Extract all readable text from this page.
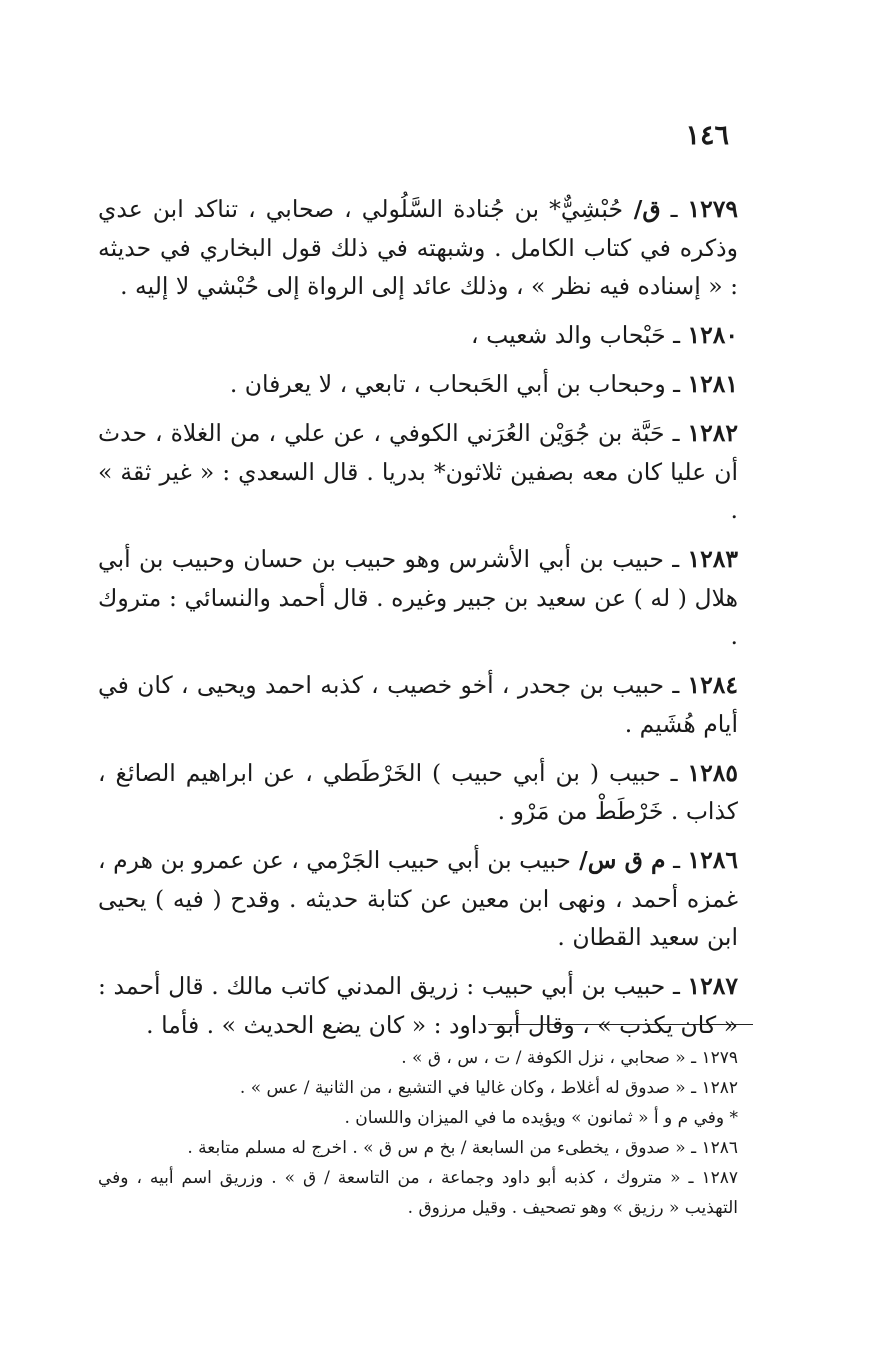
١٤٦

١٢٧٩ ـ ق/ حُبْشِيٌّ* بن جُنادة السَّلُولي ، صحابي ، تناكد ابن عدي وذكره في كتاب الكامل . وشبهته في ذلك قول البخاري في حديثه : « إسناده فيه نظر » ، وذلك عائد إلى الرواة إلى حُبْشي لا إليه .

١٢٨٠ ـ حَبْحاب والد شعيب ،

١٢٨١ ـ وحبحاب بن أبي الحَبحاب ، تابعي ، لا يعرفان .

١٢٨٢ ـ حَبَّة بن جُوَيْن العُرَني الكوفي ، عن علي ، من الغلاة ، حدث أن عليا كان معه بصفين ثلاثون* بدريا . قال السعدي : « غير ثقة » .

١٢٨٣ ـ حبيب بن أبي الأشرس وهو حبيب بن حسان وحبيب بن أبي هلال ( له ) عن سعيد بن جبير وغيره . قال أحمد والنسائي : متروك .

١٢٨٤ ـ حبيب بن جحدر ، أخو خصيب ، كذبه احمد ويحيى ، كان في أيام هُشَيم .

١٢٨٥ ـ حبيب ( بن أبي حبيب ) الخَرْطَطي ، عن ابراهيم الصائغ ، كذاب . خَرْطَطْ من مَرْو .

١٢٨٦ ـ م ق س/ حبيب بن أبي حبيب الجَرْمي ، عن عمرو بن هرم ، غمزه أحمد ، ونهى ابن معين عن كتابة حديثه . وقدح ( فيه ) يحيى ابن سعيد القطان .

١٢٨٧ ـ حبيب بن أبي حبيب : زريق المدني كاتب مالك . قال أحمد : « كان يكذب » ، وقال أبو داود : « كان يضع الحديث » . فأما .

١٢٧٩ ـ « صحابي ، نزل الكوفة / ت ، س ، ق » .

١٢٨٢ ـ « صدوق له أغلاط ، وكان غاليا في التشيع ، من الثانية / عس » .

* وفي م و أ « ثمانون » ويؤيده ما في الميزان واللسان .

١٢٨٦ ـ « صدوق ، يخطىء من السابعة / بخ م س ق » . اخرج له مسلم متابعة .

١٢٨٧ ـ « متروك ، كذبه أبو داود وجماعة ، من التاسعة / ق » . وزريق اسم أبيه ، وفي التهذيب « رزيق » وهو تصحيف . وقيل مرزوق .
